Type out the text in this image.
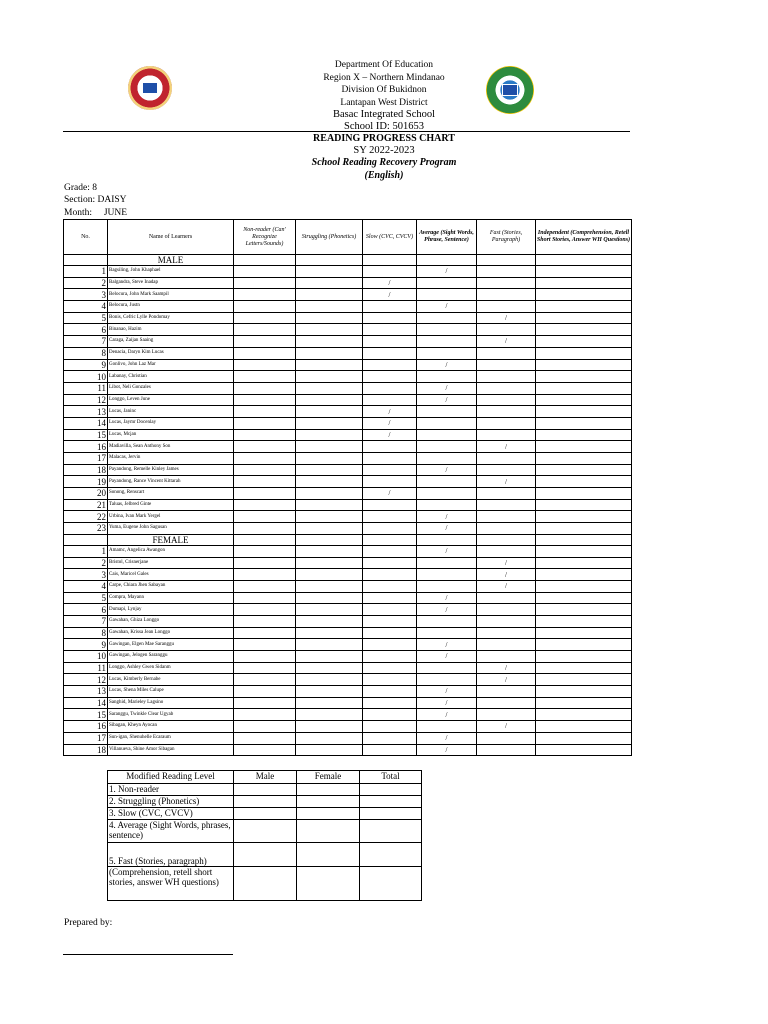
Department Of Education
Region X – Northern Mindanao
Division Of Bukidnon
Lantapan West District
Basac Integrated School
School ID: 501653
READING PROGRESS CHART
SY 2022-2023
School Reading Recovery Program
(English)
Grade: 8
Section: DAISY
Month:     JUNE
No.	Name of Learners	Non-reader (Can' Recognize Letters/Sounds)	Struggling (Phonetics)	Slow (CVC, CVCV)	Average (Sight Words, Phrase, Sentence)	Fast (Stories, Paragraph)	Independent (Comprehension, Retell Short Stories, Answer WH Questions)
	MALE						
1	Bagsiling, John Khaphael				/		
2	Balgandra, Steve Inadap			/			
3	Belocura, John Mark Saampil			/			
4	Belocura, Justn				/		
5	Bonis, Cefric Lylle Pondomay					/	
6	Binanao, Hazim						
7	Caraga, Zaijan Saaing					/	
8	Denacia, Daryn Kim Lucas						
9	Gonlivo, John Laz Mar				/		
10	Labanay, Christian						
11	Libot, Neli Gonzales				/		
12	Longgo, Leven June				/		
13	Lucas, Janinc			/			
14	Lucas, Jaymr Docenlay			/			
15	Lucas, Mcjan			/			
16	Madiavilla, Sean Anthony Son					/	
17	Malacas, Jervin						
18	Payandong, Remelle Kinley James				/		
19	Payandong, Rance Vincent Kittarah					/	
20	Sonong, Renscart			/			
21	Taluas, Jelbred Ginte						
22	Urbina, Ivan Mark Yergel				/		
23	Yuma, Eugene John Sagusan				/		
	FEMALE						
1	Amamc, Angelica Awangon				/		
2	Bristol, Crisnerjane					/	
3	Cais, Maricel Gales					/	
4	Carpe, Chiara Jhen Sabayan					/	
5	Compra, Mayann				/		
6	Dumapi, Lynjay				/		
7	Gawahan, Ghiza Longgo						
8	Gawahan, Krissa Jean Longgo						
9	Gawingan, Elgen Mae Saranggu				/		
10	Gawingan, Jelogen Saranggu				/		
11	Longgo, Ashley Gwen Sidanm					/	
12	Lucas, Kimberly Bernabe					/	
13	Lucas, Shena Miles Calupe				/		
14	Sanghid, Marieley Lagsino				/		
15	Saranggu, Twinkle Clear Ugyab				/		
16	Sibagan, Kheyn Ayocan					/	
17	Sun-igan, Shenuhelle Ecaraum				/		
18	Villanueva, Shine Amor Sibagan				/		
Modified Reading Level	Male	Female	Total
1. Non-reader			
2. Struggling (Phonetics)			
3. Slow (CVC, CVCV)			
4. Average (Sight Words, phrases, sentence)			
5. Fast (Stories, paragraph)			
(Comprehension, retell short stories, answer WH questions)			
Prepared by:
